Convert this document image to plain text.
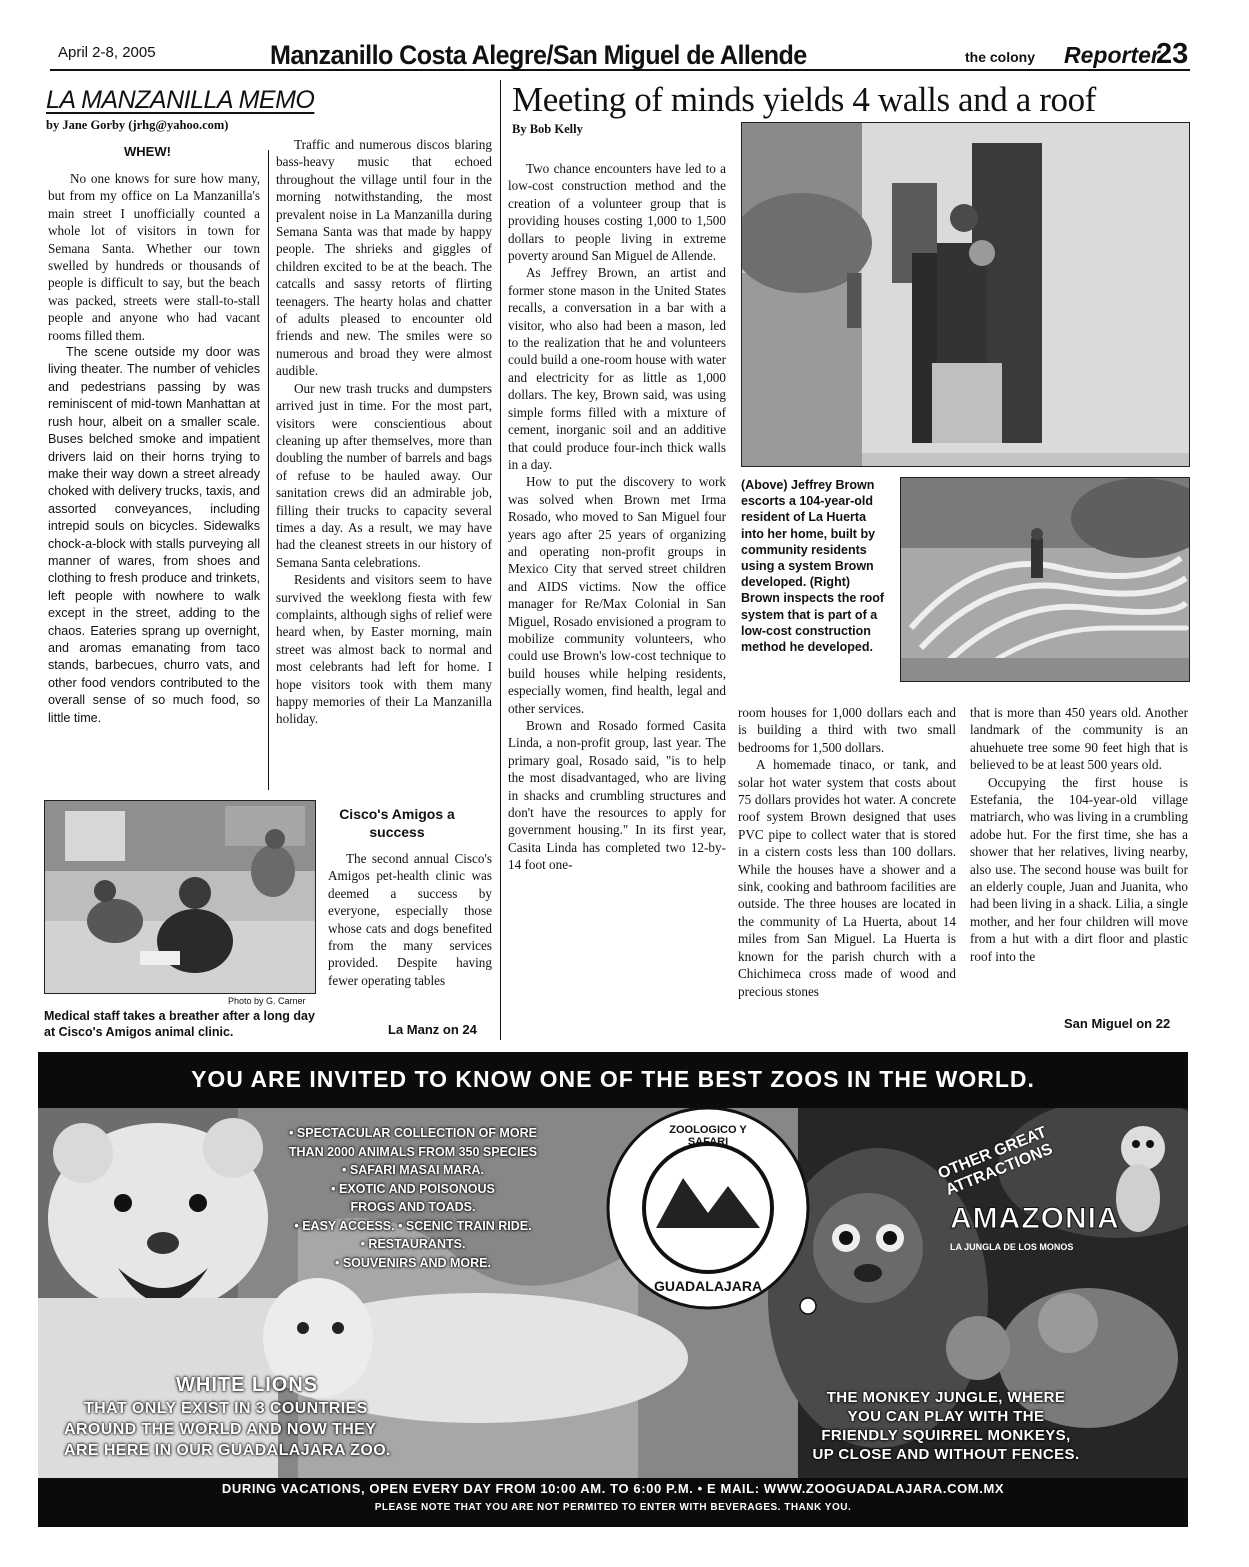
April 2-8, 2005	Manzanillo Costa Alegre/San Miguel de Allende	the colony Reporter
23
LA MANZANILLA MEMO
by Jane Gorby (jrhg@yahoo.com)
WHEW!

No one knows for sure how many, but from my office on La Manzanilla's main street I unofficially counted a whole lot of visitors in town for Semana Santa. Whether our town swelled by hundreds or thousands of people is difficult to say, but the beach was packed, streets were stall-to-stall people and anyone who had vacant rooms filled them.

The scene outside my door was living theater. The number of vehicles and pedestrians passing by was reminiscent of mid-town Manhattan at rush hour, albeit on a smaller scale. Buses belched smoke and impatient drivers laid on their horns trying to make their way down a street already choked with delivery trucks, taxis, and assorted conveyances, including intrepid souls on bicycles. Sidewalks chock-a-block with stalls purveying all manner of wares, from shoes and clothing to fresh produce and trinkets, left people with nowhere to walk except in the street, adding to the chaos. Eateries sprang up overnight, and aromas emanating from taco stands, barbecues, churro vats, and other food vendors contributed to the overall sense of so much food, so little time.

Traffic and numerous discos blaring bass-heavy music that echoed throughout the village until four in the morning notwithstanding, the most prevalent noise in La Manzanilla during Semana Santa was that made by happy people. The shrieks and giggles of children excited to be at the beach. The catcalls and sassy retorts of flirting teenagers. The hearty holas and chatter of adults pleased to encounter old friends and new. The smiles were so numerous and broad they were almost audible.

Our new trash trucks and dumpsters arrived just in time. For the most part, visitors were conscientious about cleaning up after themselves, more than doubling the number of barrels and bags of refuse to be hauled away. Our sanitation crews did an admirable job, filling their trucks to capacity several times a day. As a result, we may have had the cleanest streets in our history of Semana Santa celebrations.

Residents and visitors seem to have survived the weeklong fiesta with few complaints, although sighs of relief were heard when, by Easter morning, main street was almost back to normal and most celebrants had left for home. I hope visitors took with them many happy memories of their La Manzanilla holiday.

Cisco's Amigos a success

The second annual Cisco's Amigos pet-health clinic was deemed a success by everyone, especially those whose cats and dogs benefited from the many services provided. Despite having fewer operating tables

La Manz on 24
Photo by G. Carner
Medical staff takes a breather after a long day at Cisco's Amigos animal clinic.
Meeting of minds yields 4 walls and a roof
By Bob Kelly

Two chance encounters have led to a low-cost construction method and the creation of a volunteer group that is providing houses costing 1,000 to 1,500 dollars to people living in extreme poverty around San Miguel de Allende.

As Jeffrey Brown, an artist and former stone mason in the United States recalls, a conversation in a bar with a visitor, who also had been a mason, led to the realization that he and volunteers could build a one-room house with water and electricity for as little as 1,000 dollars. The key, Brown said, was using simple forms filled with a mixture of cement, inorganic soil and an additive that could produce four-inch thick walls in a day.

How to put the discovery to work was solved when Brown met Irma Rosado, who moved to San Miguel four years ago after 25 years of organizing and operating non-profit groups in Mexico City that served street children and AIDS victims. Now the office manager for Re/Max Colonial in San Miguel, Rosado envisioned a program to mobilize community volunteers, who could use Brown's low-cost technique to build houses while helping residents, especially women, find health, legal and other services.

Brown and Rosado formed Casita Linda, a non-profit group, last year. The primary goal, Rosado said, "is to help the most disadvantaged, who are living in shacks and crumbling structures and don't have the resources to apply for government housing." In its first year, Casita Linda has completed two 12-by-14 foot one-

(Above) Jeffrey Brown escorts a 104-year-old resident of La Huerta into her home, built by community residents using a system Brown developed. (Right) Brown inspects the roof system that is part of a low-cost construction method he developed.

room houses for 1,000 dollars each and is building a third with two small bedrooms for 1,500 dollars.

A homemade tinaco, or tank, and solar hot water system that costs about 75 dollars provides hot water. A concrete roof system Brown designed that uses PVC pipe to collect water that is stored in a cistern costs less than 100 dollars. While the houses have a shower and a sink, cooking and bathroom facilities are outside. The three houses are located in the community of La Huerta, about 14 miles from San Miguel. La Huerta is known for the parish church with a Chichimeca cross made of wood and precious stones

that is more than 450 years old. Another landmark of the community is an ahuehuete tree some 90 feet high that is believed to be at least 500 years old.

Occupying the first house is Estefania, the 104-year-old village matriarch, who was living in a crumbling adobe hut. For the first time, she has a shower that her relatives, living nearby, also use. The second house was built for an elderly couple, Juan and Juanita, who had been living in a shack. Lilia, a single mother, and her four children will move from a hut with a dirt floor and plastic roof into the

San Miguel on 22
YOU ARE INVITED TO KNOW ONE OF THE BEST ZOOS IN THE WORLD.
• SPECTACULAR COLLECTION OF MORE
THAN 2000 ANIMALS FROM 350 SPECIES
• SAFARI MASAI MARA.
• EXOTIC AND POISONOUS
FROGS AND TOADS.
• EASY ACCESS. • SCENIC TRAIN RIDE.
• RESTAURANTS.
• SOUVENIRS AND MORE.
ZOOLOGICO Y SAFARI
GUADALAJARA
OTHER GREAT ATTRACTIONS
AMAZONIA
LA JUNGLA DE LOS MONOS
WHITE LIONS
THAT ONLY EXIST IN 3 COUNTRIES
AROUND THE WORLD AND NOW THEY
ARE HERE IN OUR GUADALAJARA ZOO.
THE MONKEY JUNGLE, WHERE
YOU CAN PLAY WITH THE
FRIENDLY SQUIRREL MONKEYS,
UP CLOSE AND WITHOUT FENCES.
DURING VACATIONS, OPEN EVERY DAY FROM 10:00 AM. TO 6:00 P.M. • E MAIL: WWW.ZOOGUADALAJARA.COM.MX
PLEASE NOTE THAT YOU ARE NOT PERMITED TO ENTER WITH BEVERAGES. THANK YOU.
